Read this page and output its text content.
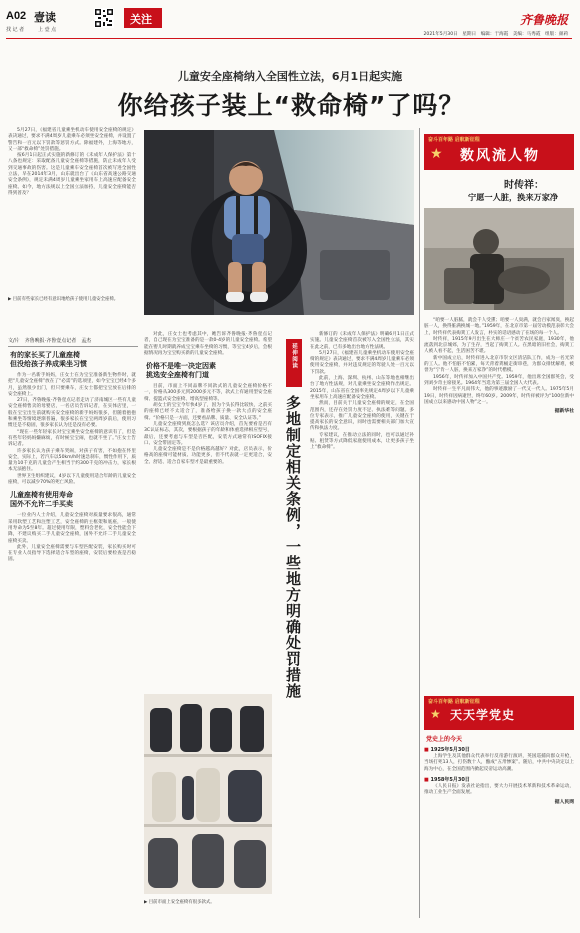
A02 壹读
找 记 者	上 壹 点
关注	齐鲁晚报
2021年5月30日　星期日　编辑：于海霞　美编：马秀霞　组版：颜莉
儿童安全座椅纳入全国性立法，6月1日起实施
你给孩子装上“救命椅”了吗？

5月27日，《福建省儿童乘坐机动车使用安全座椅的规定》表决通过，要求不满4周岁儿童乘车必须坐安全座椅，并设置了警告和一百元以下罚款等惩罚方式。除福建外，上海等地方，又一部“救命椅”处罚措施。

按6月1日起正式实施的新修订的《未成年人保护法》第十八条也规定：采取配备儿童安全座椅等措施，防止未成年人受到交通事故的伤害。这是儿童乘车安全座椅首次被写进全国性立法，早在2014年3月，山东就出台了《山东省高速公路交通安全条例》，规定未满4周岁儿童乘坐家用车上高速应配备安全座椅。如今，地方法规以上全国立法加持，儿童安全座椅能否得到普及？

▶ 目前有些家长已经有意识地给孩子使用儿童安全座椅。
文/片　齐鲁晚报·齐鲁壹点记者　孟杰
有的家长买了儿童座椅
但没给孩子养成乘坐习惯

作为一名新手妈妈，庄女士在为宝宝准备新生物件时，就把“儿童安全座椅”放在了“必需”的选项里，如今宝宝已经4个多月，虽然很少出门，但只要乘车，庄女士都把宝宝放在后排的安全座椅上。

27日，齐鲁晚报·齐鲁壹点记者走访了济南城区一些有儿童安全座椅售卖的母婴店，一名店员告诉记者，在实体店里，一般在宝宝出生前就购买安全座椅的新手妈妈很多，但随着抱抱和乘坐等情境逐渐普遍，很多家长在宝宝两周岁前后，使用习惯还是不稳固，很多家长认为还是没有必要。

“现在一些年轻家长对宝宝乘坐安全座椅的意识有了，但是有些年轻妈妈嫌麻烦，有时候宝宝闹，也就不坐了。”庄女士告诉记者。

许多家长认为孩子乘车哭闹，对孩子有害，不如抱在怀里安全，实际上，若汽车以50km/h时速急刹车，惯性作用下，质量为10千克的儿童会产生相当于约300千克的冲击力，家长根本无法抱住。

世界卫生组织建议，4岁以下儿童使用适合年龄的儿童安全座椅，可以减少70%的死亡风险。

儿童座椅有使用寿命
国外不允许二手买卖

一位业内人士介绍，儿童安全座椅对质量要求很高，通常采用软塑工艺和注塑工艺，安全座椅的主框架和底座，一般使用寿命为5至8年。超过使用年限，塑料会老化，安全性能会下降，不建议购买二手儿童安全座椅，国外不允许二手儿童安全座椅买卖。

此外，儿童安全座椅需要与车型匹配安装，家长购买时可在专业人员指导下选择适合车型的座椅，安装后要检查是否稳固。

对此，庄女士也考虑其中，她告诉齐鲁晚报·齐鲁壹点记者，自己现在为宝宝准备的是一款0-4岁的儿童安全座椅。希望能在婴儿时期就养成宝宝乘车坐椅的习惯，等宝宝4岁后，会根据情况再为宝宝购买新的儿童安全座椅。

价格不是唯一决定因素
挑选安全座椅有门道

目前，市面上不同品牌不同款式的儿童安全座椅价格不一，价格从300多元到2000多元不等，款式上有通用型安全座椅、提篮式安全座椅、增高型座椅等。

胡女士的宝宝今年快4岁了，因为个头长得比较快，之前买的座椅已经不太适合了，准备给孩子换一款大点的安全座椅。“价格只是一方面，还要看品牌、质量、安全认证等。”

儿童安全座椅到底怎么选？该店员介绍，首先要看是否有3C认证标志，其次，要根据孩子的年龄和体重选择相应型号，最后，还要考虑与车型是否匹配，安装方式通常有ISOFIX接口、安全带固定等。

儿童安全座椅是不是价格越高越好？对此，店员表示，价格高的座椅可能材质、功能更多，但不代表就一定更适合，安全、舒适、适合自家车型才是最重要的。

▶ 目前市面上安全座椅有很多款式。
延伸阅读
多地制定相关条例，一些地方明确处罚措施

新修订的《未成年人保护法》明确6月1日正式实施。儿童安全座椅首次被写入全国性立法，其实在此之前，已有多地出台地方性法规。

5月27日，《福建省儿童乘坐机动车使用安全座椅的规定》表决通过，要求不满4周岁儿童乘车必须使用安全座椅，并对违反规定的驾驶人处一百元以下罚款。

此前，上海、深圳、杭州、山东等地也相继出台了地方性法规，对儿童乘坐安全座椅作出规定。2015年，山东省在全国率先规定4周岁以下儿童乘坐家用车上高速应配备安全座椅。

然而，目前关于儿童安全座椅的规定，在全国范围内，还存在处罚力度不足、执法难等问题。多位专家表示，推广儿童安全座椅的使用，关键在于提高家长的安全意识，同时也需要相关部门加大宣传和执法力度。

专家建议，在推动立法的同时，也可以通过补贴、租赁等方式降低家庭使用成本，让更多孩子坐上“救命椅”。

奋斗百年路 启航新征程
数风流人物
★
时传祥：
宁愿一人脏，换来万家净

“咱要一人脏腻，就会千人受熏；咱要一人臭满，就会百家闻臭，换起脏一人，换得脏满换城一地。”1959年，在北京市第一届劳动模范表彰大会上，时传祥代表掏粪工人发言，朴实的话语感动了在场的每一个人。

时传祥，1915年9月出生在大师庄一个贫苦农民家庭，1930年，他流落到北京城郊，为了生存，当起了掏粪工人。在黑暗的旧社会，掏粪工人被人看不起，生活困苦不堪。

新中国成立后，时传祥进入北京市崇文区清洁队工作，成为一名光荣的工人。他不怕脏不怕累，每天背着粪桶走街串巷，为群众排忧解难，被誉为“宁肯一人脏，换来万家净”的时代楷模。

1956年，时传祥加入中国共产党。1959年，他出席全国群英会，受到刘少奇主席接见。1964年当选为第三届全国人大代表。

时传祥一生平凡而伟大，他的事迹激励了一代又一代人。1975年5月19日，时传祥因病逝世，终年60岁。2009年，时传祥被评为“100位新中国成立以来感动中国人物”之一。

据新华社
奋斗百年路 启航新征程
天天学党史
★
党史上的今天
■ 1925年5月30日

上海学生及其他群众代表举行反帝游行演讲，英国巡捕向群众开枪，当场打死13人，打伤数十人，酿成“五卅惨案”。随后，中共中央决定以上海为中心，在全国范围内掀起反帝运动高潮。

■ 1958年5月30日

《人民日报》发表社论指出，要大力开展技术革新和技术革命运动，推动工业生产全面发展。

据人民网
